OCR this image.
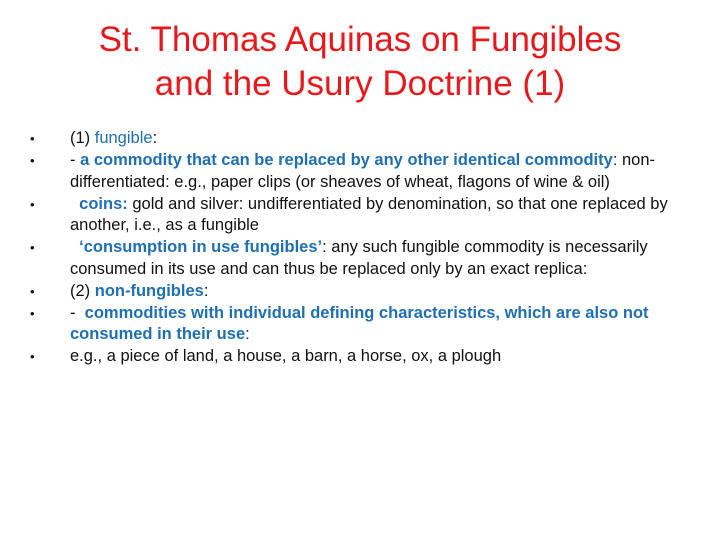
St. Thomas Aquinas on Fungibles
and the Usury Doctrine (1)
•	(1) fungible:
•	- a commodity that can be replaced by any other identical commodity: non-differentiated: e.g., paper clips (or sheaves of wheat, flagons of wine & oil)
•	coins: gold and silver: undifferentiated by denomination, so that one replaced by another, i.e., as a fungible
•	‘consumption in use fungibles’: any such fungible commodity is necessarily consumed in its use and can thus be replaced only by an exact replica:
•	(2) non-fungibles:
•	-  commodities with individual defining characteristics, which are also not consumed in their use:
•	e.g., a piece of land, a house, a barn, a horse, ox, a plough
